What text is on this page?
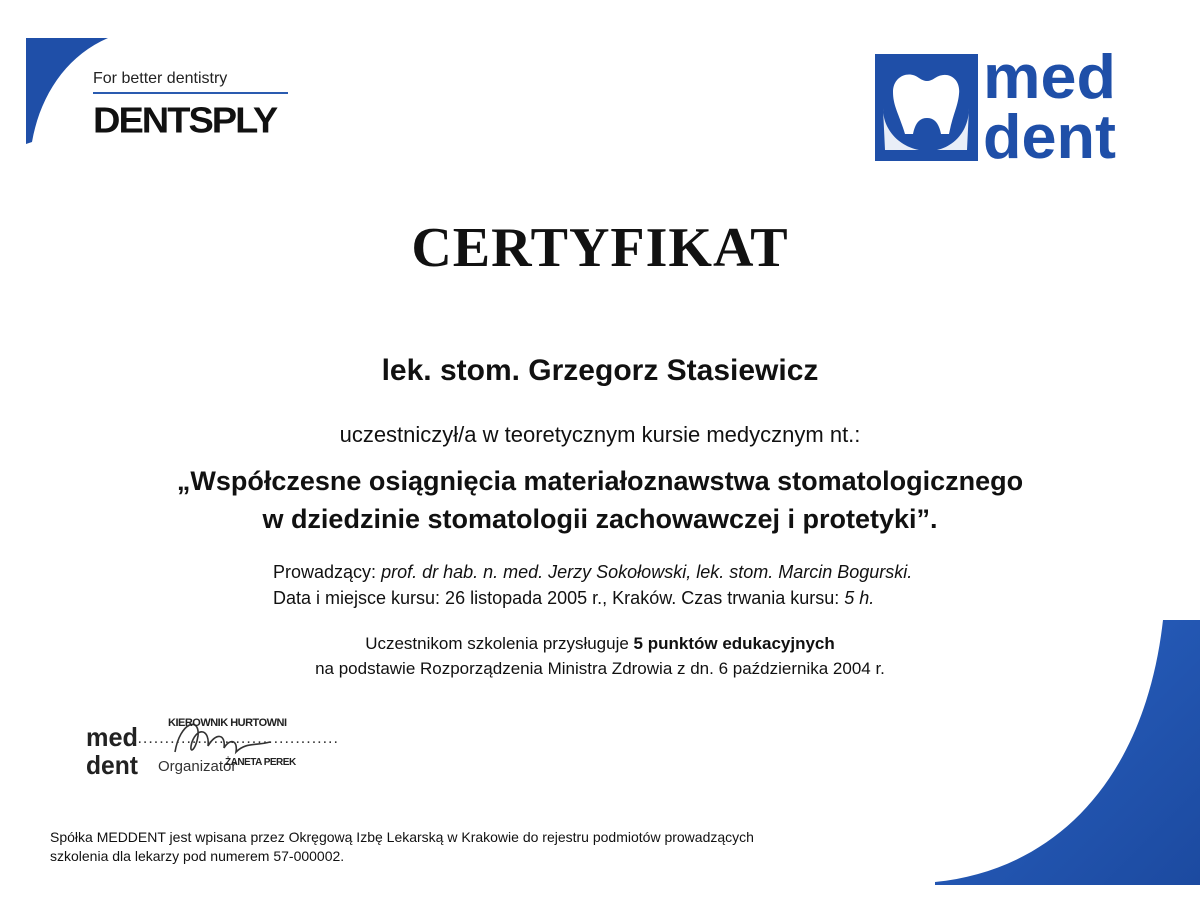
For better dentistry
DENTSPLY
med
dent
CERTYFIKAT
lek. stom. Grzegorz Stasiewicz
uczestniczył/a w teoretycznym kursie medycznym nt.:
„Współczesne osiągnięcia materiałoznawstwa stomatologicznego
w dziedzinie stomatologii zachowawczej i protetyki”.
Prowadzący: prof. dr hab. n. med. Jerzy Sokołowski, lek. stom. Marcin Bogurski.
Data i miejsce kursu: 26 listopada 2005 r., Kraków. Czas trwania kursu: 5 h.
Uczestnikom szkolenia przysługuje 5 punktów edukacyjnych
na podstawie Rozporządzenia Ministra Zdrowia z dn. 6 października 2004 r.
med
dent
KIEROWNIK HURTOWNI
......................................
Organizator
ŻANETA PEREK
Spółka MEDDENT jest wpisana przez Okręgową Izbę Lekarską w Krakowie do rejestru podmiotów prowadzących
szkolenia dla lekarzy pod numerem 57-000002.
